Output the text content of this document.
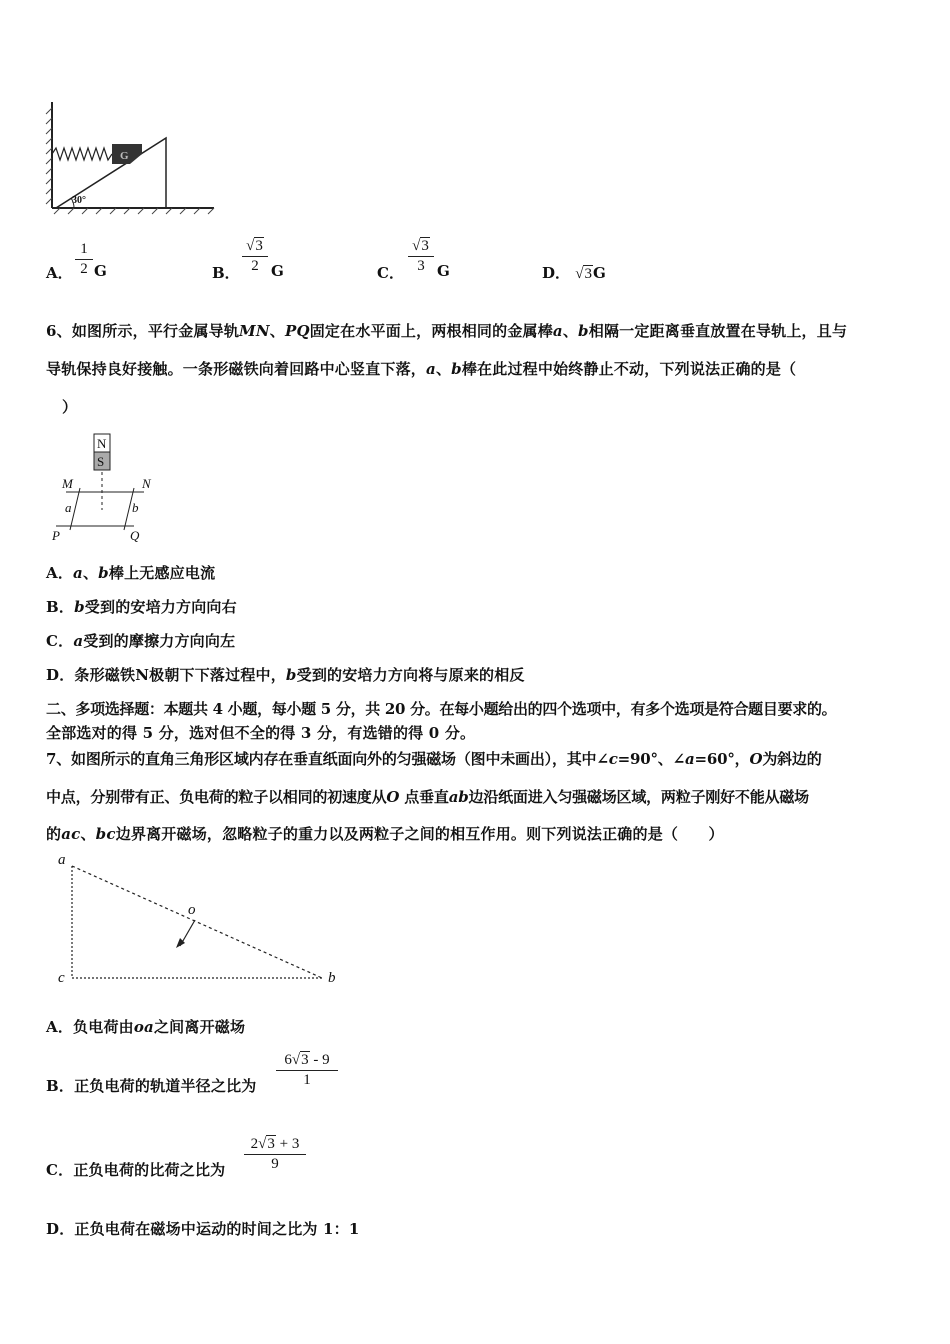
G
30°
A． $\frac{1}{2}$ G	B． $\frac{√3}{2}$ G	C． $\frac{√3}{3}$ G	D． √3G
6、如图所示，平行金属导轨MN、PQ固定在水平面上，两根相同的金属棒a、b相隔一定距离垂直放置在导轨上，且与
导轨保持良好接触。一条形磁铁向着回路中心竖直下落，a、b棒在此过程中始终静止不动，下列说法正确的是（
）
N
S
M	N
a	b
P	Q
A．a、b棒上无感应电流
B．b受到的安培力方向向右
C．a受到的摩擦力方向向左
D．条形磁铁N极朝下下落过程中，b受到的安培力方向将与原来的相反
二、多项选择题：本题共 4 小题，每小题 5 分，共 20 分。在每小题给出的四个选项中，有多个选项是符合题目要求的。
全部选对的得 5 分，选对但不全的得 3 分，有选错的得 0 分。
7、如图所示的直角三角形区域内存在垂直纸面向外的匀强磁场（图中未画出），其中∠c=90°、∠a=60°，O为斜边的
中点，分别带有正、负电荷的粒子以相同的初速度从O 点垂直ab边沿纸面进入匀强磁场区域，两粒子刚好不能从磁场
的ac、bc边界离开磁场，忽略粒子的重力以及两粒子之间的相互作用。则下列说法正确的是（　　）
a
o
c	b
A．负电荷由oa之间离开磁场
B．正负电荷的轨道半径之比为 $\frac{6√3 - 9}{1}$
C．正负电荷的比荷之比为 $\frac{2√3 + 3}{9}$
D．正负电荷在磁场中运动的时间之比为 1：1
